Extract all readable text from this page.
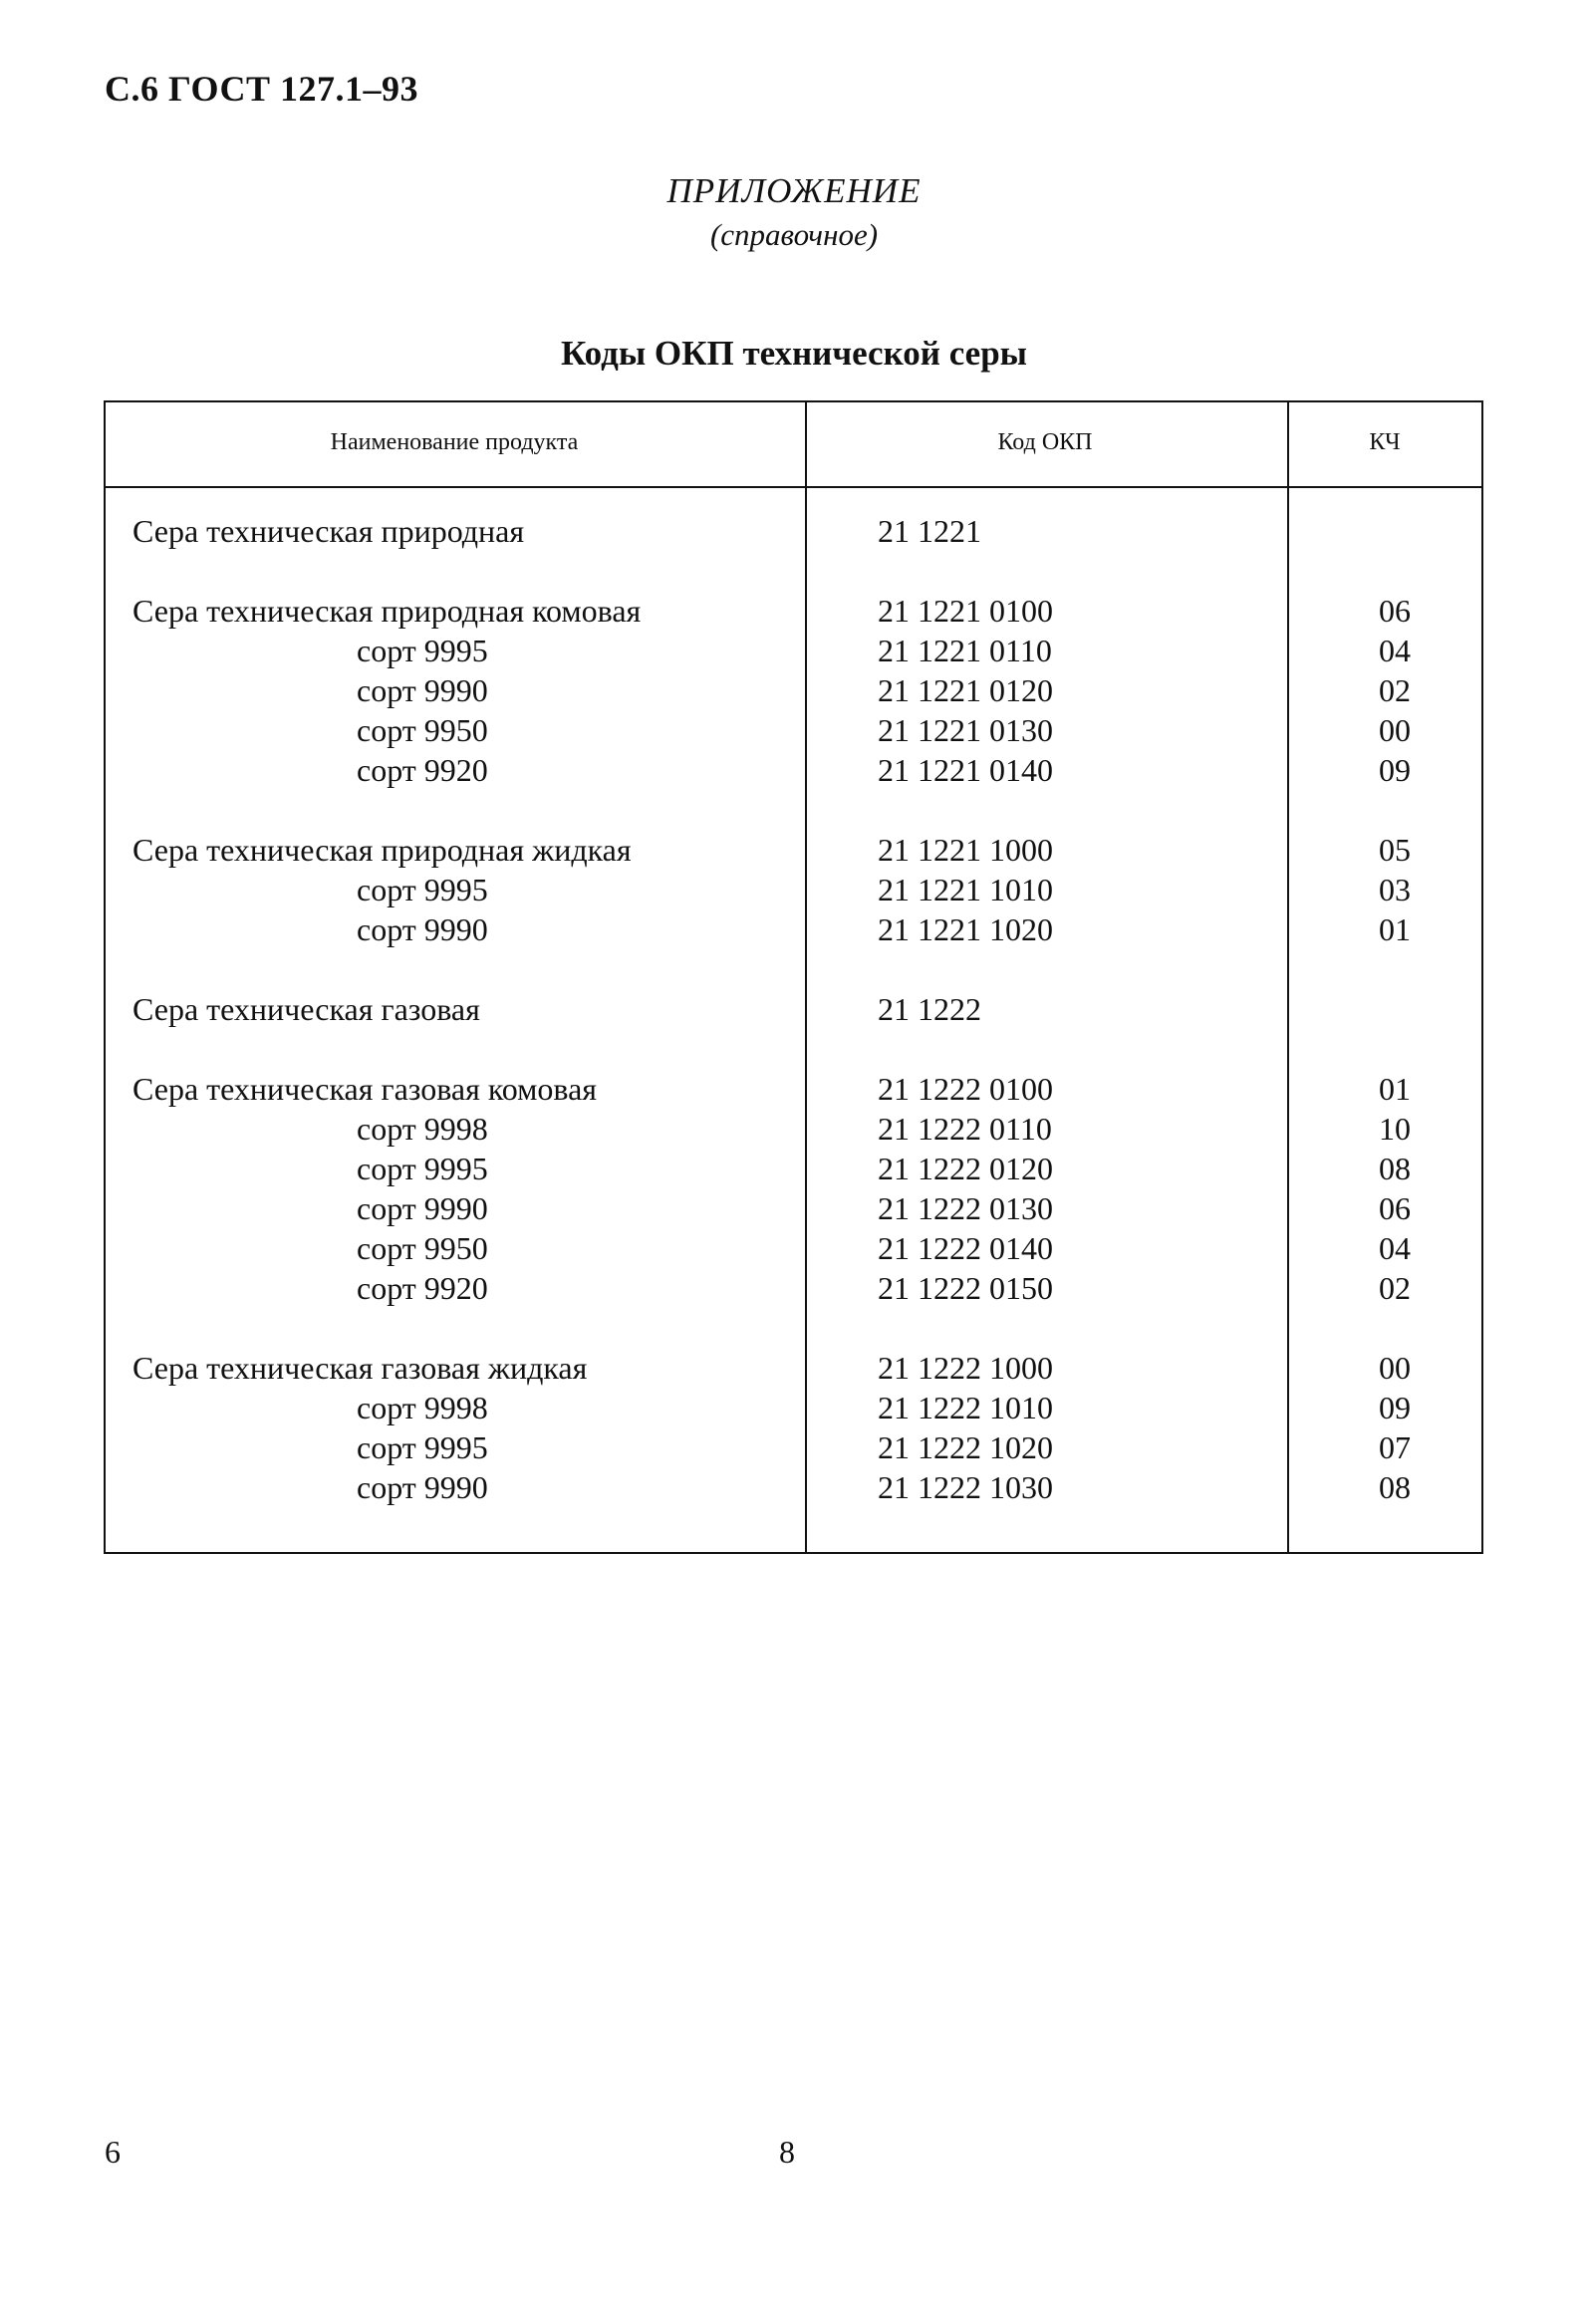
С.6 ГОСТ 127.1–93
ПРИЛОЖЕНИЕ
(справочное)
Коды ОКП технической серы
Наименование продукта	Код ОКП	КЧ
Сера техническая природная	21 1221
Сера техническая природная комовая	21 1221 0100	06
сорт 9995	21 1221 0110	04
сорт 9990	21 1221 0120	02
сорт 9950	21 1221 0130	00
сорт 9920	21 1221 0140	09
Сера техническая природная жидкая	21 1221 1000	05
сорт 9995	21 1221 1010	03
сорт 9990	21 1221 1020	01
Сера техническая газовая	21 1222
Сера техническая газовая комовая	21 1222 0100	01
сорт 9998	21 1222 0110	10
сорт 9995	21 1222 0120	08
сорт 9990	21 1222 0130	06
сорт 9950	21 1222 0140	04
сорт 9920	21 1222 0150	02
Сера техническая газовая жидкая	21 1222 1000	00
сорт 9998	21 1222 1010	09
сорт 9995	21 1222 1020	07
сорт 9990	21 1222 1030	08
6	8
